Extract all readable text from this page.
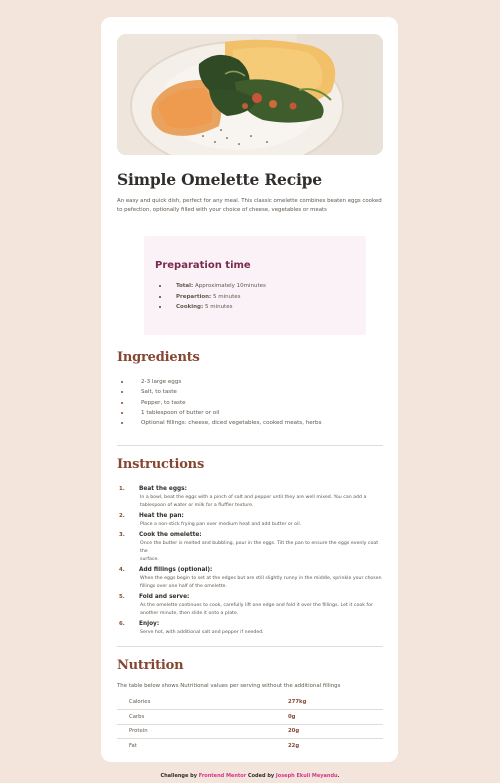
Simple Omelette Recipe

An easy and quick dish, perfect for any meal. This classic omelette combines beaten eggs cooked to pefection, optionally filled with your choice of cheese, vegetables or meats

Preparation time
Total: Approximately 10minutes
Prepartion: 5 minutes
Cooking: 5 minutes
Ingredients
2-3 large eggs
Salt, to taste
Pepper, to taste
1 tablespoon of butter or oil
Optional fillings: cheese, diced vegetables, cooked meats, herbs
Instructions
1. Beat the eggs:
In a bowl, beat the eggs with a pinch of salt and pepper until they are well mixed. You can add a
tablespoon of water or milk for a fluffier texture.
2. Heat the pan:
Place a non-stick frying pan over medium heat and add butter or oil.
3. Cook the omelette:
Once the butter is melted and bubbling, pour in the eggs. Tilt the pan to ensure the eggs evenly coat the
surface.
4. Add fillings (optional):
When the eggs begin to set at the edges but are still slightly runny in the middle, sprinkle your chosen
fillings over one half of the omelette.
5. Fold and serve:
As the omelette continues to cook, carefully lift one edge and fold it over the fillings. Let it cook for
another minute, then slide it onto a plate.
6. Enjoy:
Serve hot, with additional salt and pepper if needed.
Nutrition

The table below shows Nutritional values per serving without the additional fillings

Calories	277kg
Carbs	0g
Protein	20g
Fat	22g
Challenge by Frontend Mentor Coded by Joseph Ekuli Meyandu.
